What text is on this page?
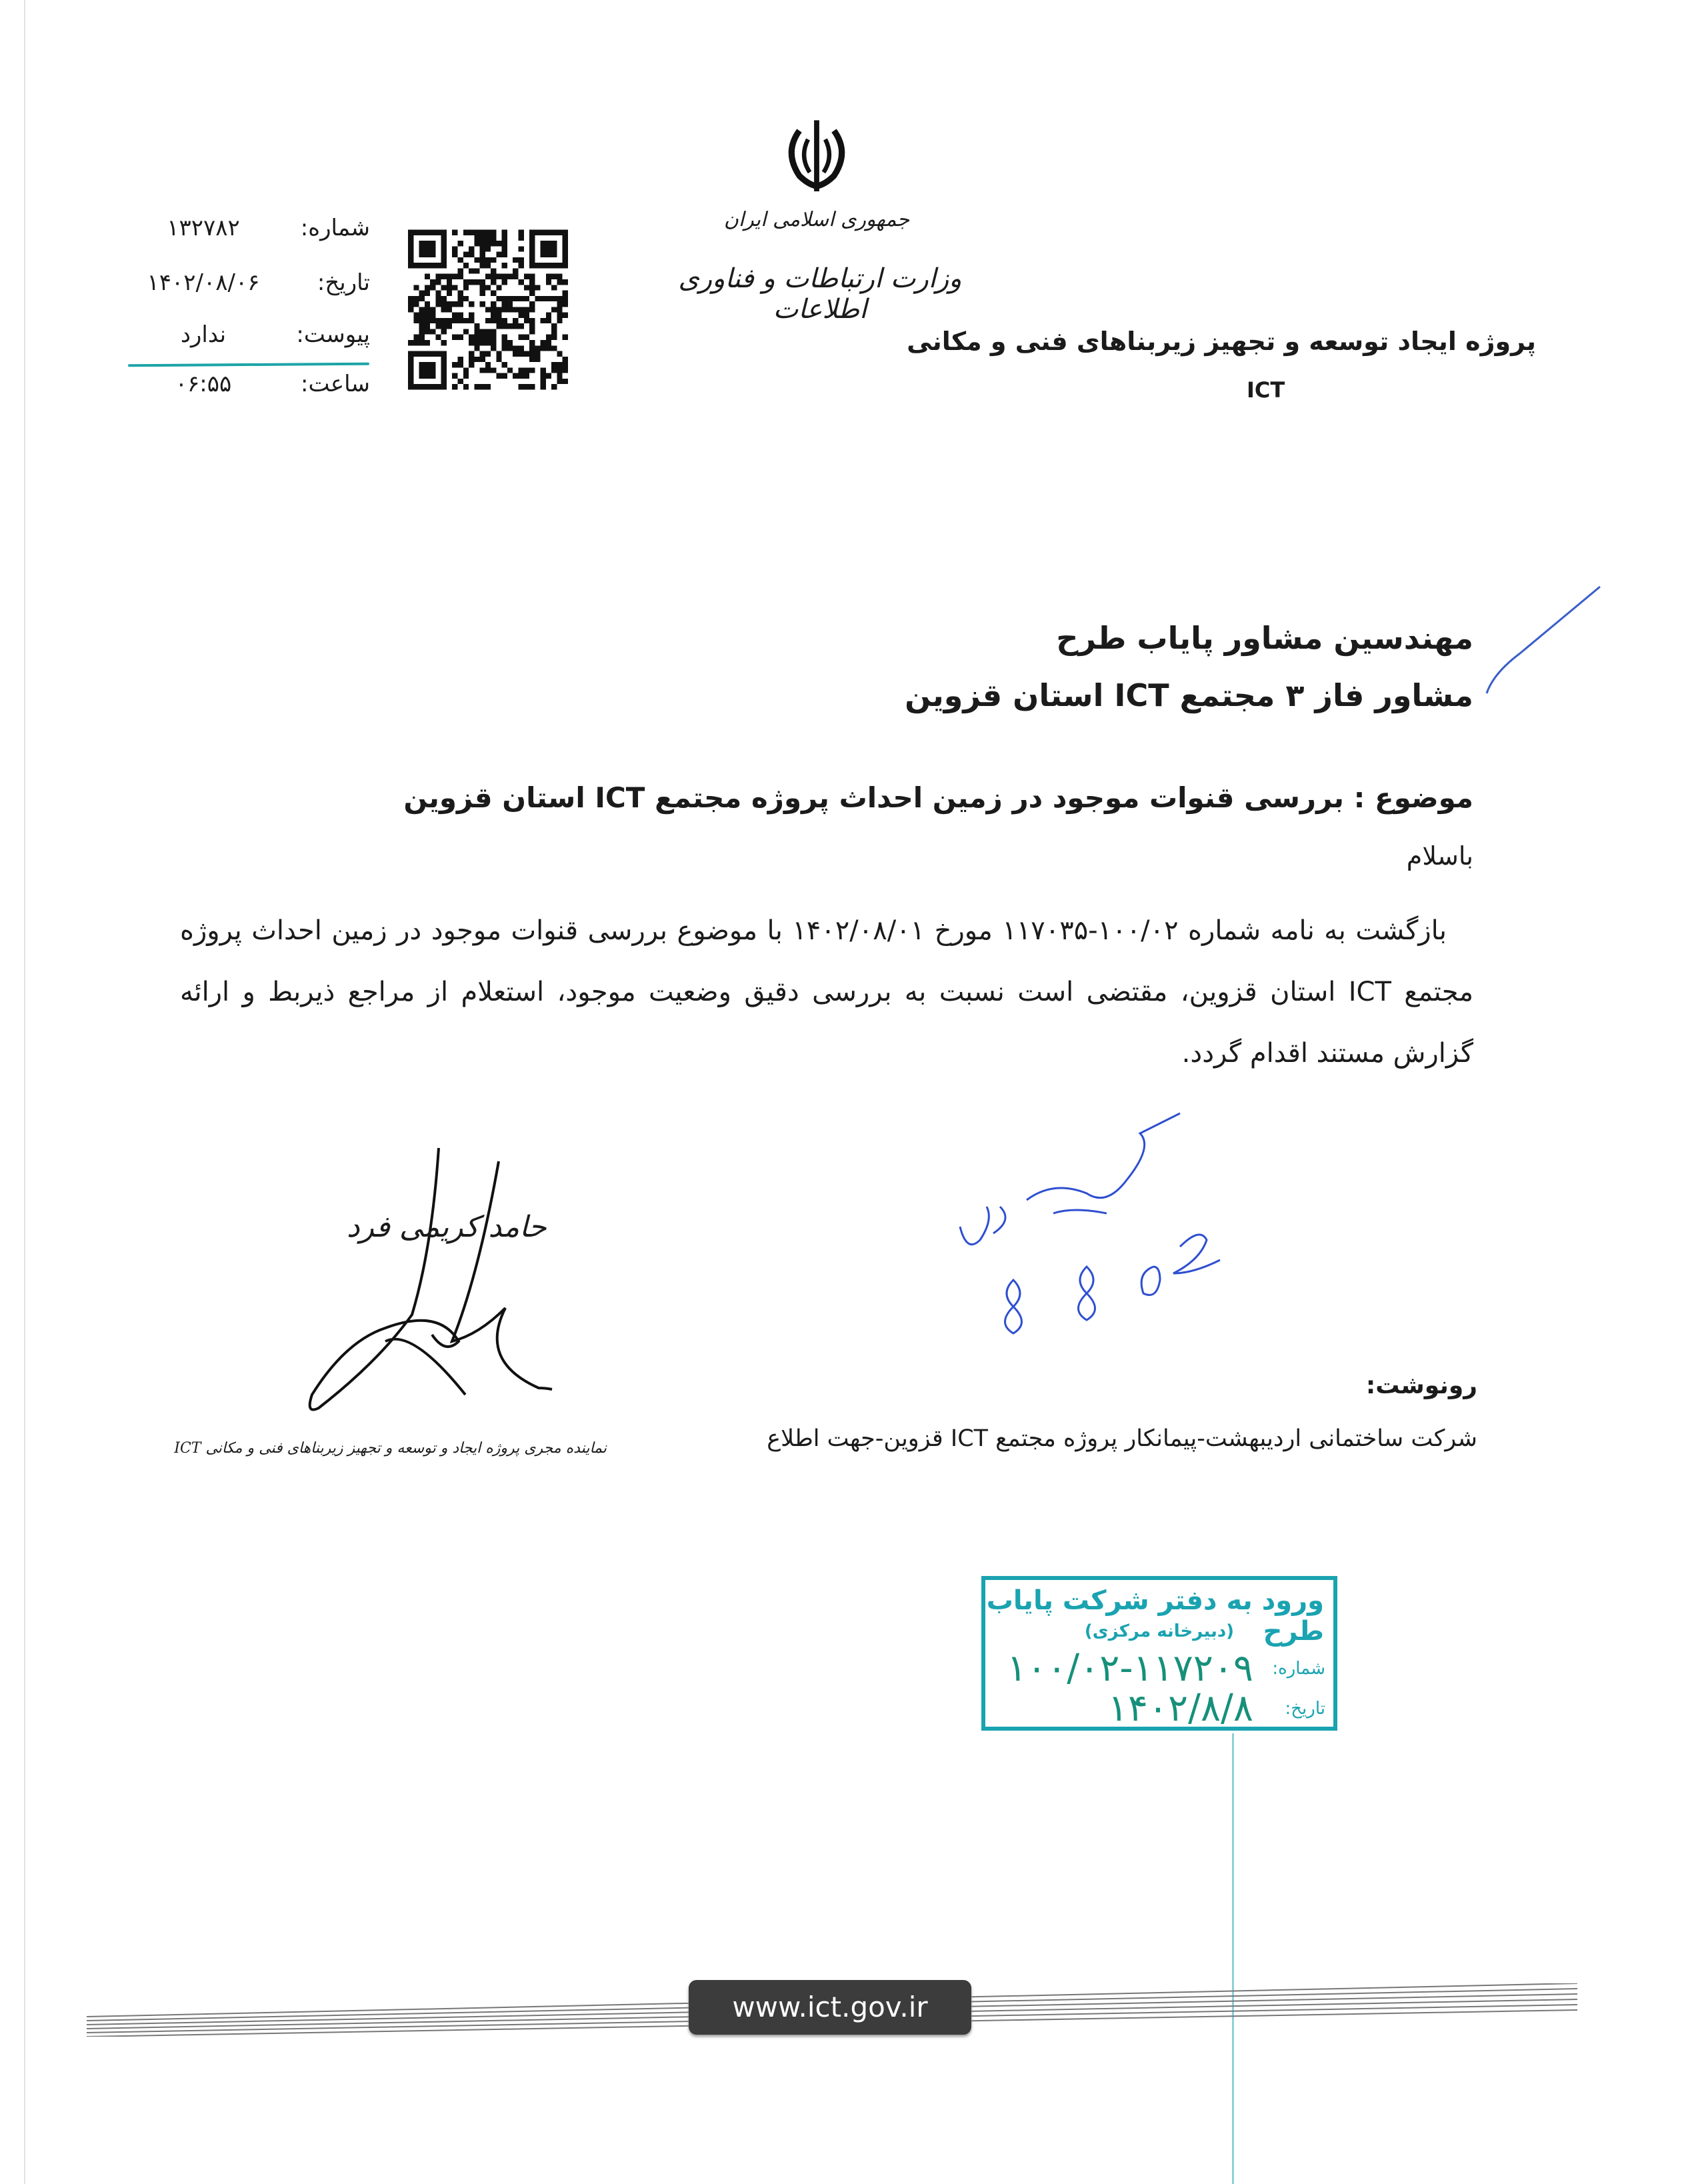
جمهوری اسلامی ایران
وزارت ارتباطات و فناوری اطلاعات
پروژه ایجاد توسعه و تجهیز زیربناهای فنی و مکانی
ICT
شماره:
۱۳۲۷۸۲
تاریخ:
۱۴۰۲/۰۸/۰۶
پیوست:
ندارد
ساعت:
۰۶:۵۵
مهندسین مشاور پایاب طرح
مشاور فاز ۳ مجتمع ICT استان قزوین
موضوع : بررسی قنوات موجود در زمین احداث پروژه مجتمع ICT استان قزوین
باسلام
بازگشت به نامه شماره ۱۰۰/۰۲-۱۱۷۰۳۵ مورخ ۱۴۰۲/۰۸/۰۱ با موضوع بررسی قنوات موجود در زمین احداث پروژه مجتمع ICT استان قزوین، مقتضی است نسبت به بررسی دقیق وضعیت موجود، استعلام از مراجع ذیربط و ارائه گزارش مستند اقدام گردد.
حامد کریمی فرد
نماینده مجری پروژه ایجاد و توسعه و تجهیز زیربناهای فنی و مکانی ICT
رونوشت:
شرکت ساختمانی اردیبهشت-پیمانکار پروژه مجتمع ICT قزوین-جهت اطلاع
ورود به دفتر شرکت پایاب طرح
(دبیرخانه مرکزی)
شماره:
۱۰۰/۰۲-۱۱۷۲۰۹
تاریخ:
۱۴۰۲/۸/۸
www.ict.gov.ir
